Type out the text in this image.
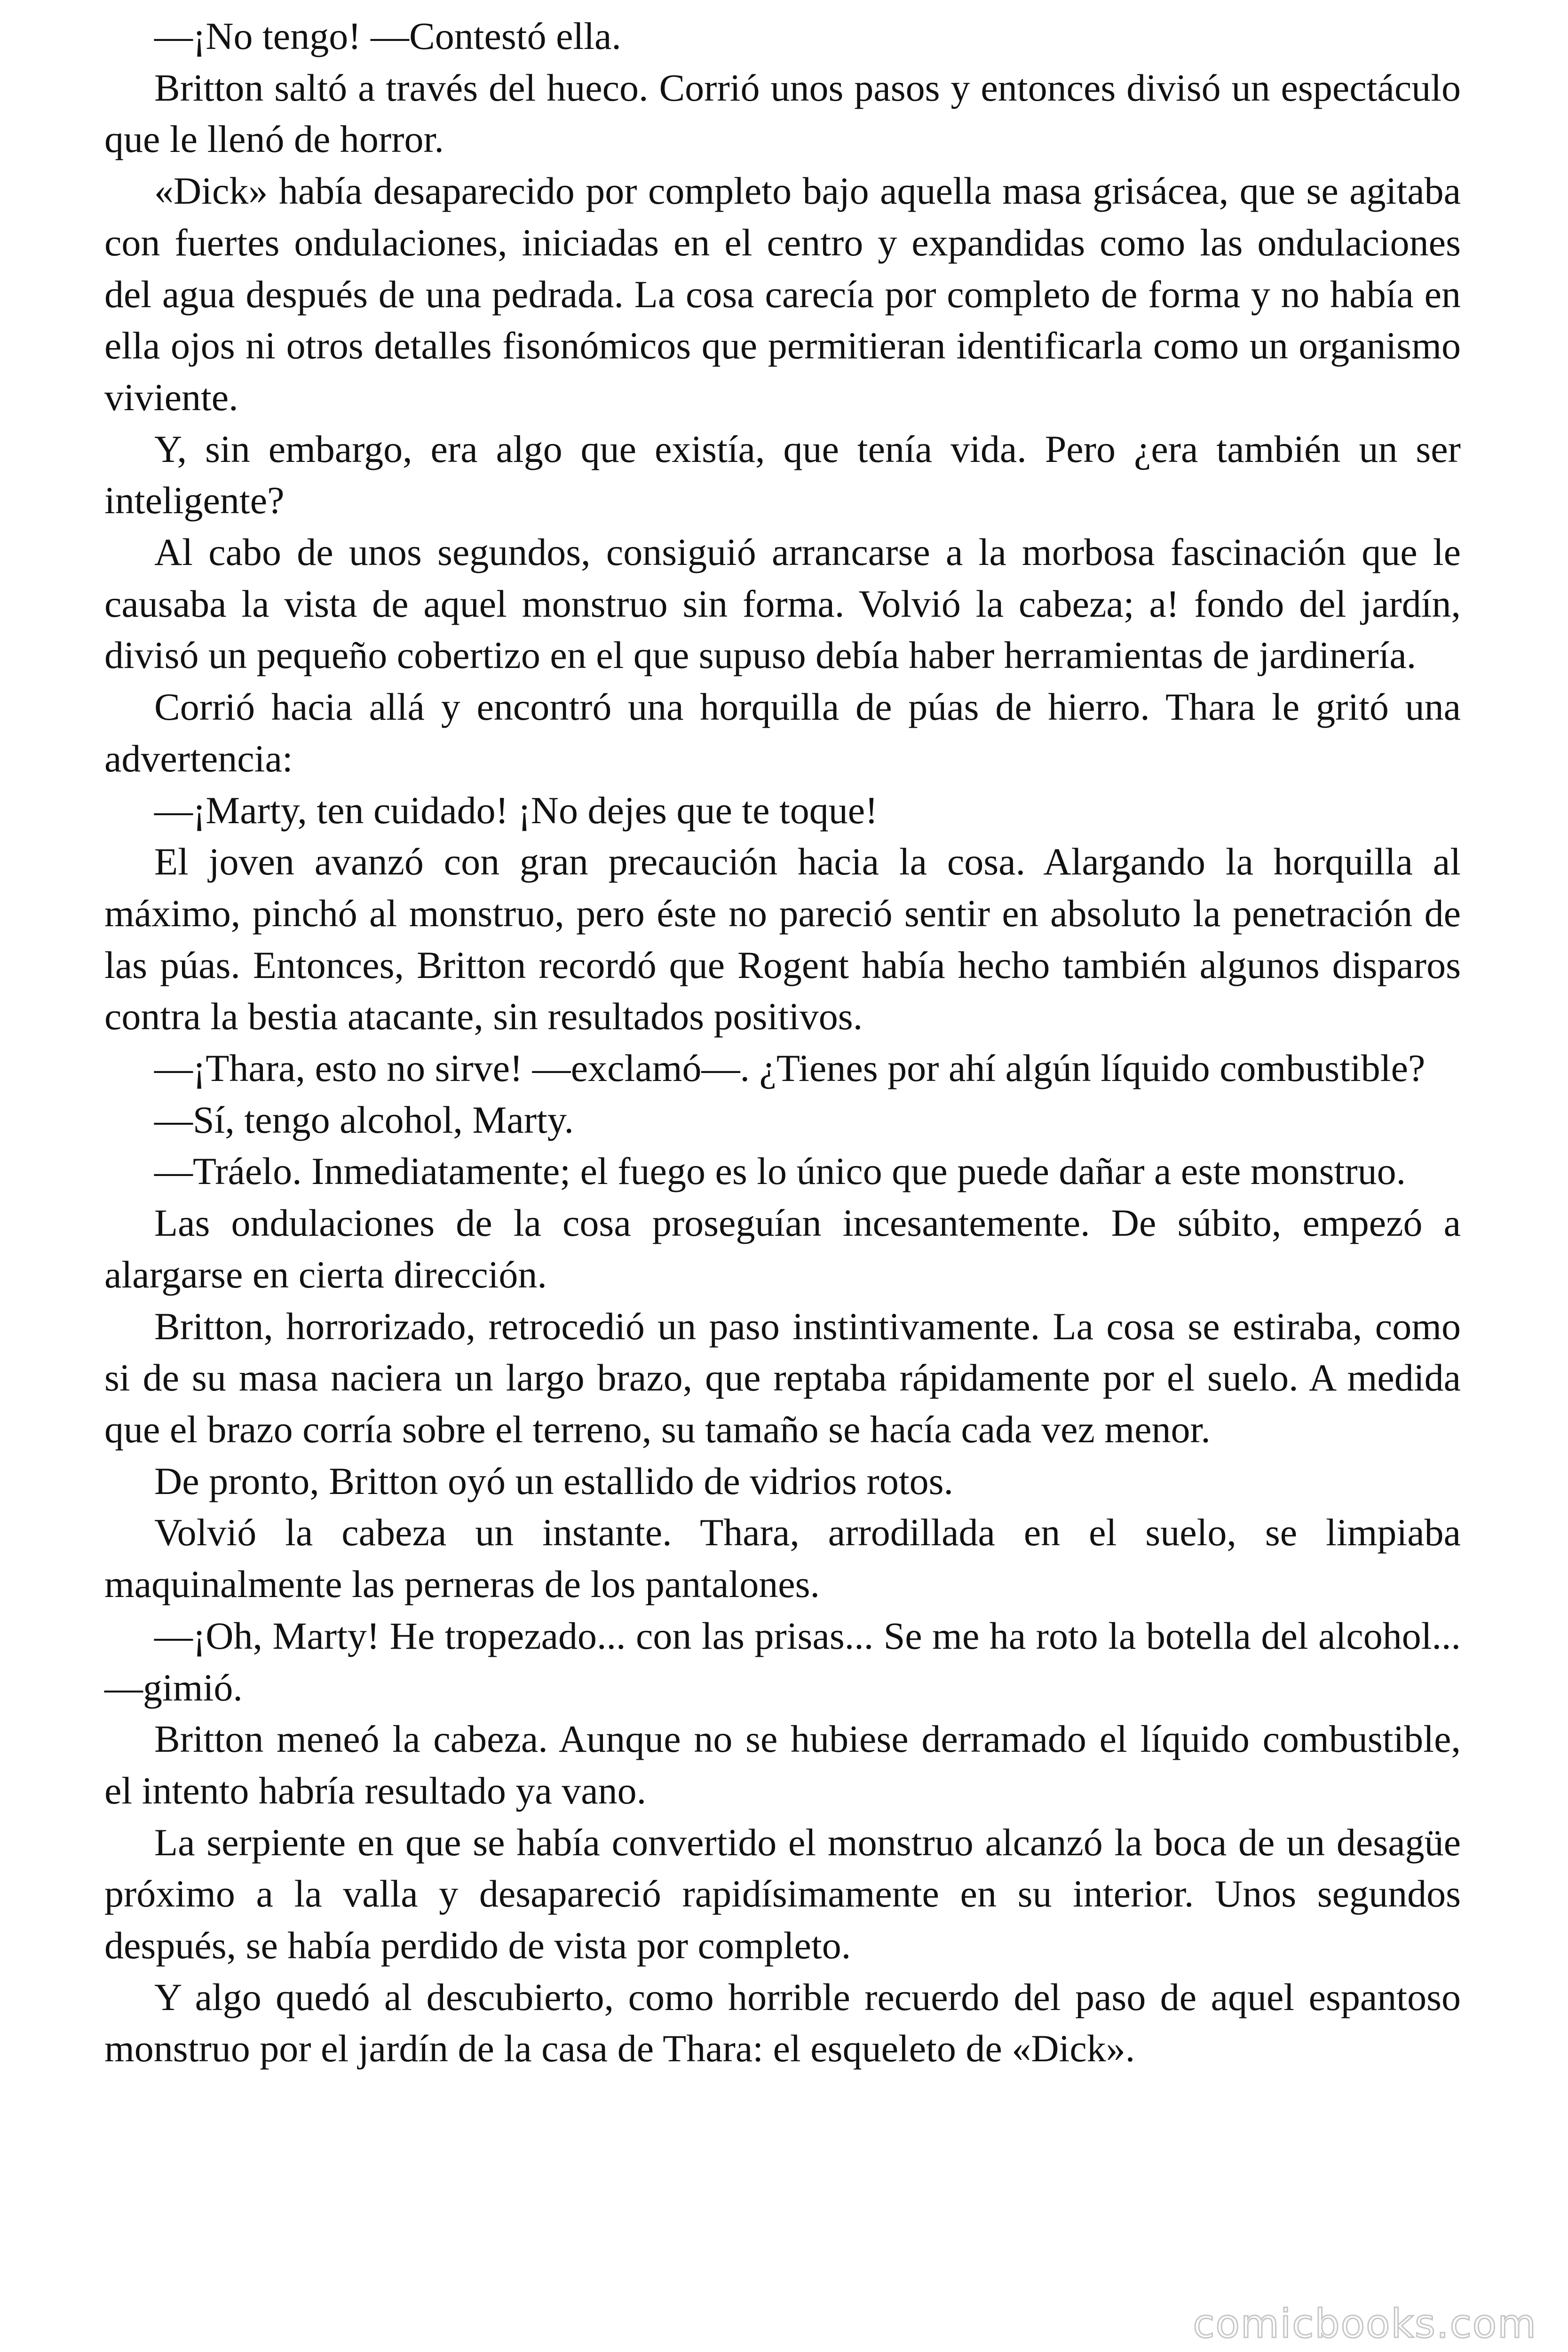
—¡No tengo! —Contestó ella.

Britton saltó a través del hueco. Corrió unos pasos y entonces divisó un espectáculo que le llenó de horror.

«Dick» había desaparecido por completo bajo aquella masa grisácea, que se agitaba con fuertes ondulaciones, iniciadas en el centro y expandidas como las ondulaciones del agua después de una pedrada. La cosa carecía por completo de forma y no había en ella ojos ni otros detalles fisonómicos que permitieran identificarla como un organismo viviente.

Y, sin embargo, era algo que existía, que tenía vida. Pero ¿era también un ser inteligente?

Al cabo de unos segundos, consiguió arrancarse a la morbosa fascinación que le causaba la vista de aquel monstruo sin forma. Volvió la cabeza; a! fondo del jardín, divisó un pequeño cobertizo en el que supuso debía haber herramientas de jardinería.

Corrió hacia allá y encontró una horquilla de púas de hierro. Thara le gritó una advertencia:

—¡Marty, ten cuidado! ¡No dejes que te toque!

El joven avanzó con gran precaución hacia la cosa. Alargando la horquilla al máximo, pinchó al monstruo, pero éste no pareció sentir en absoluto la penetración de las púas. Entonces, Britton recordó que Rogent había hecho también algunos disparos contra la bestia atacante, sin resultados positivos.

—¡Thara, esto no sirve! —exclamó—. ¿Tienes por ahí algún líquido combustible?

—Sí, tengo alcohol, Marty.

—Tráelo. Inmediatamente; el fuego es lo único que puede dañar a este monstruo.

Las ondulaciones de la cosa proseguían incesantemente. De súbito, empezó a alargarse en cierta dirección.

Britton, horrorizado, retrocedió un paso instintivamente. La cosa se estiraba, como si de su masa naciera un largo brazo, que reptaba rápidamente por el suelo. A medida que el brazo corría sobre el terreno, su tamaño se hacía cada vez menor.

De pronto, Britton oyó un estallido de vidrios rotos.

Volvió la cabeza un instante. Thara, arrodillada en el suelo, se limpiaba maquinalmente las perneras de los pantalones.

—¡Oh, Marty! He tropezado... con las prisas... Se me ha roto la botella del alcohol... —gimió.

Britton meneó la cabeza. Aunque no se hubiese derramado el líquido combustible, el intento habría resultado ya vano.

La serpiente en que se había convertido el monstruo alcanzó la boca de un desagüe próximo a la valla y desapareció rapidísimamente en su interior. Unos segundos después, se había perdido de vista por completo.

Y algo quedó al descubierto, como horrible recuerdo del paso de aquel espantoso monstruo por el jardín de la casa de Thara: el esqueleto de «Dick».

comicbooks.com
